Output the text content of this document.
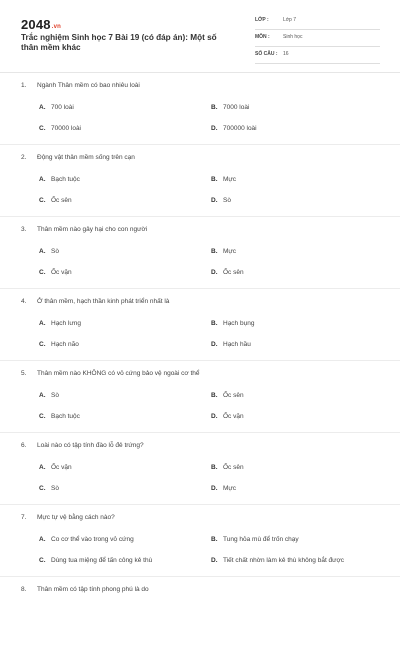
2048.vn
Trắc nghiệm Sinh học 7 Bài 19 (có đáp án): Một số thân mềm khác
LỚP :	Lớp 7
MÔN :	Sinh học
SỐ CÂU : 16
1. Ngành Thân mềm có bao nhiêu loài
A. 700 loài	B. 7000 loài
C. 70000 loài	D. 700000 loài
2. Động vật thân mềm sống trên cạn
A. Bạch tuộc	B. Mực
C. Ốc sên	D. Sò
3. Thân mềm nào gây hại cho con người
A. Sò	B. Mực
C. Ốc vặn	D. Ốc sên
4. Ở thân mềm, hạch thần kinh phát triển nhất là
A. Hạch lưng	B. Hạch bụng
C. Hạch não	D. Hạch hầu
5. Thân mềm nào KHÔNG có vỏ cứng bảo vệ ngoài cơ thể
A. Sò	B. Ốc sên
C. Bạch tuộc	D. Ốc vặn
6. Loài nào có tập tính đào lỗ đẻ trứng?
A. Ốc vặn	B. Ốc sên
C. Sò	D. Mực
7. Mực tự vệ bằng cách nào?
A. Co cơ thể vào trong vỏ cứng	B. Tung hỏa mù để trốn chạy
C. Dùng tua miệng để tấn công kẻ thù	D. Tiết chất nhờn làm kẻ thù không bắt được
8. Thân mềm có tập tính phong phú là do
